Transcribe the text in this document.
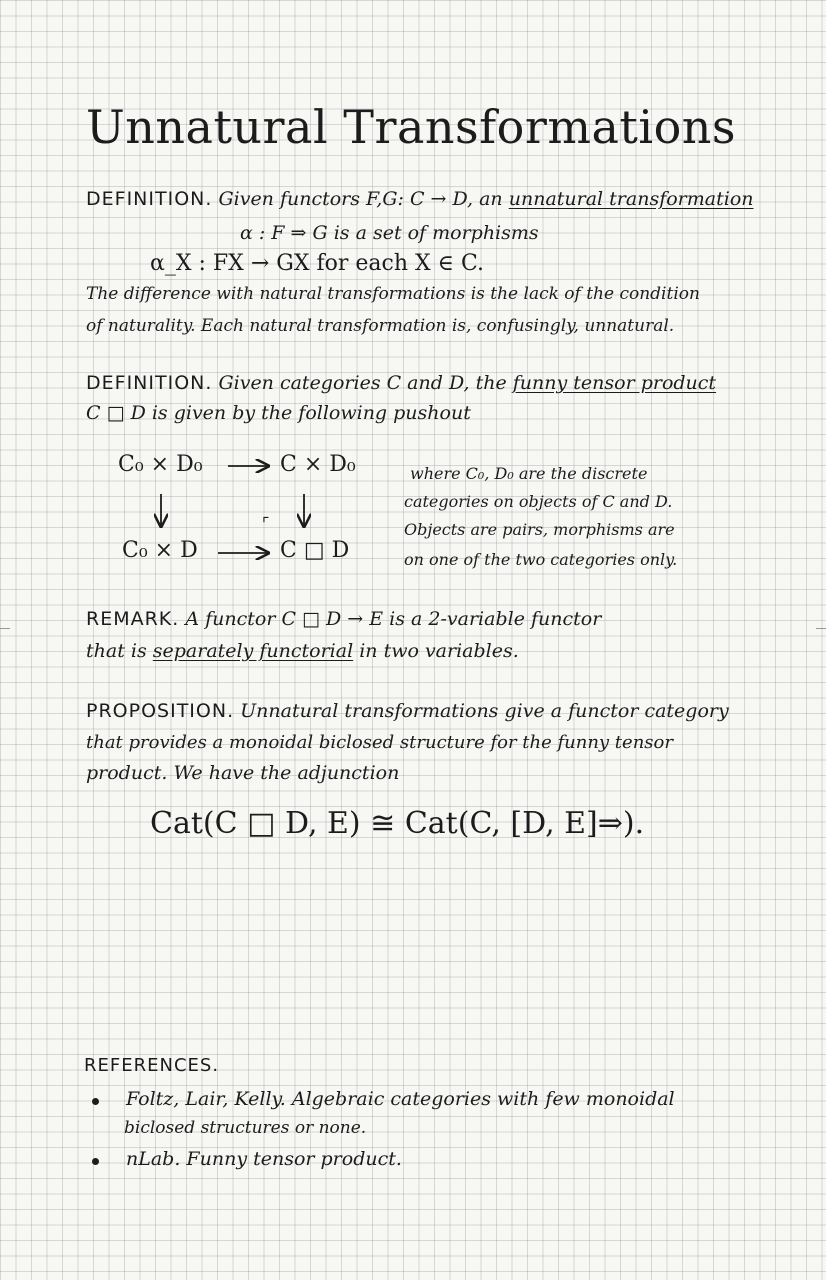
Unnatural Transformations
DEFINITION. Given functors F,G: C → D, an unnatural transformation
α : F ⇒ G is a set of morphisms
α_X : FX → GX for each X ∈ C.
The difference with natural transformations is the lack of the condition
of naturality. Each natural transformation is, confusingly, unnatural.
DEFINITION. Given categories C and D, the funny tensor product
C □ D is given by the following pushout
C₀ × D₀	C × D₀
C₀ × D	C □ D
⌜
where C₀, D₀ are the discrete
categories on objects of C and D.
Objects are pairs, morphisms are
on one of the two categories only.
REMARK. A functor C □ D → E is a 2-variable functor
that is separately functorial in two variables.
PROPOSITION. Unnatural transformations give a functor category
that provides a monoidal biclosed structure for the funny tensor
product. We have the adjunction
Cat(C □ D, E) ≅ Cat(C, [D, E]⇒).
REFERENCES.
Foltz, Lair, Kelly. Algebraic categories with few monoidal
biclosed structures or none.
nLab. Funny tensor product.
